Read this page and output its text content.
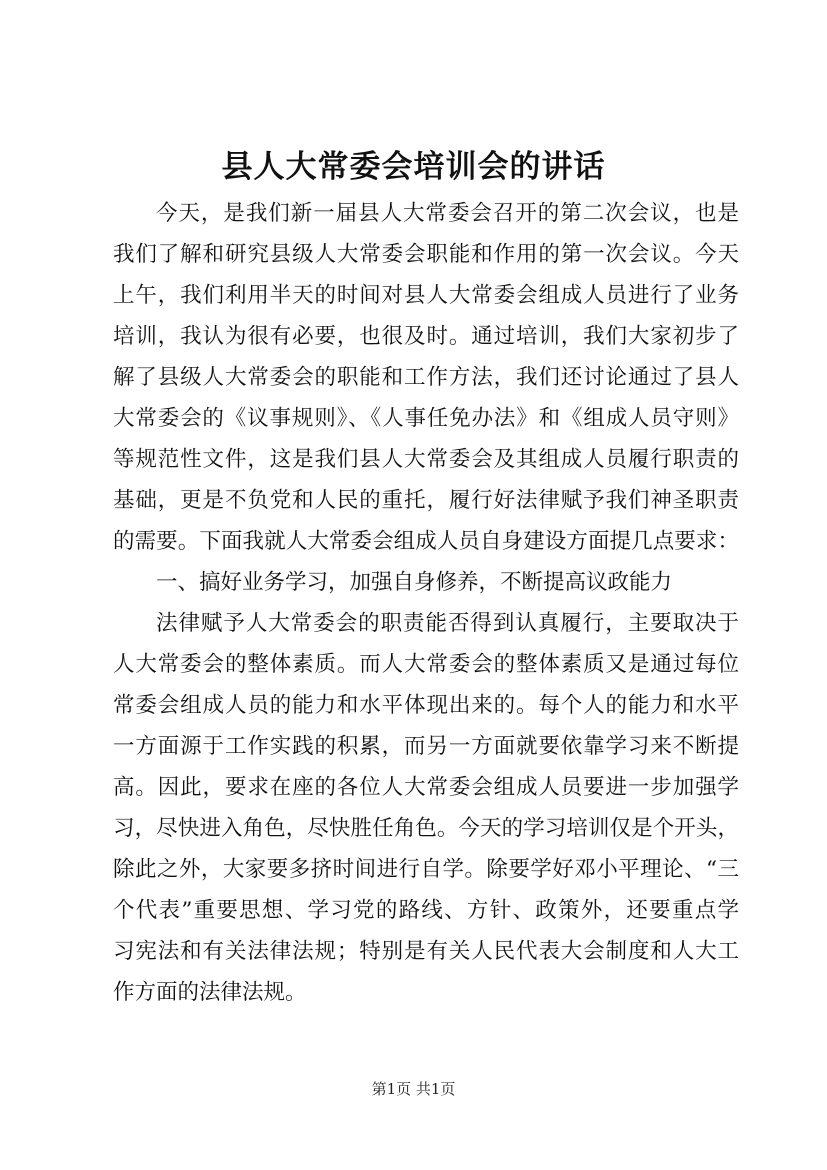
县人大常委会培训会的讲话
今天，是我们新一届县人大常委会召开的第二次会议，也是
我们了解和研究县级人大常委会职能和作用的第一次会议。今天
上午，我们利用半天的时间对县人大常委会组成人员进行了业务
培训，我认为很有必要，也很及时。通过培训，我们大家初步了
解了县级人大常委会的职能和工作方法，我们还讨论通过了县人
大常委会的《议事规则》、《人事任免办法》和《组成人员守则》
等规范性文件，这是我们县人大常委会及其组成人员履行职责的
基础，更是不负党和人民的重托，履行好法律赋予我们神圣职责
的需要。下面我就人大常委会组成人员自身建设方面提几点要求：
一、搞好业务学习，加强自身修养，不断提高议政能力
法律赋予人大常委会的职责能否得到认真履行，主要取决于
人大常委会的整体素质。而人大常委会的整体素质又是通过每位
常委会组成人员的能力和水平体现出来的。每个人的能力和水平
一方面源于工作实践的积累，而另一方面就要依靠学习来不断提
高。因此，要求在座的各位人大常委会组成人员要进一步加强学
习，尽快进入角色，尽快胜任角色。今天的学习培训仅是个开头，
除此之外，大家要多挤时间进行自学。除要学好邓小平理论、“三
个代表”重要思想、学习党的路线、方针、政策外，还要重点学
习宪法和有关法律法规；特别是有关人民代表大会制度和人大工
作方面的法律法规。
第1页 共1页
